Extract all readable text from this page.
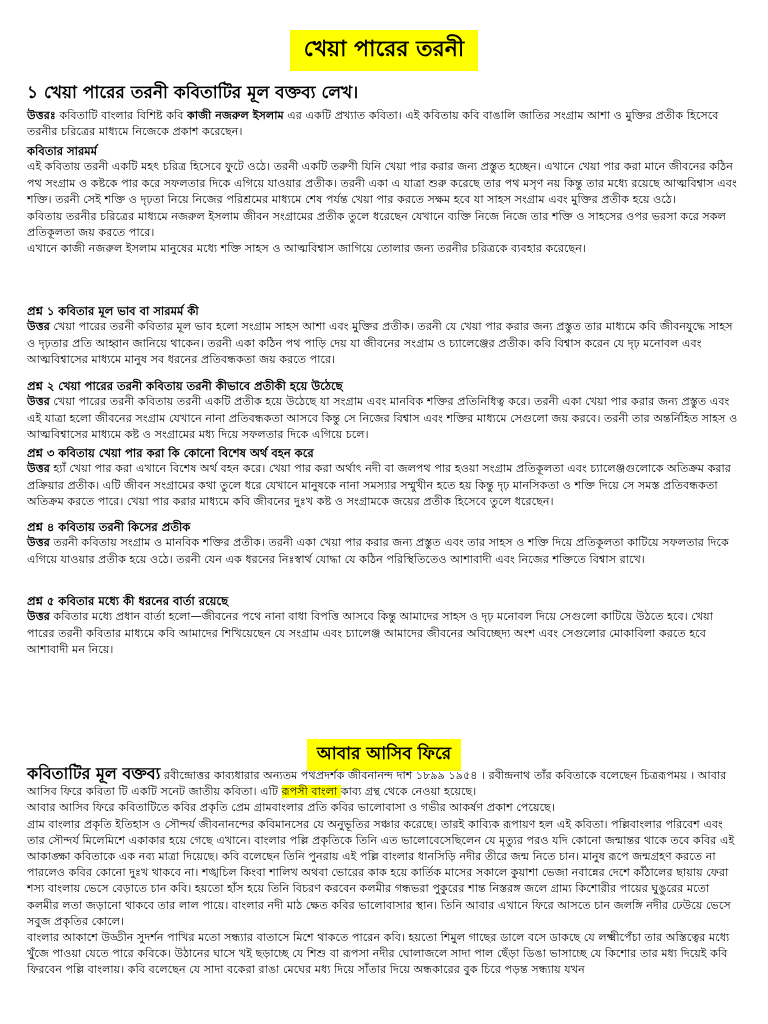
খেয়া পারের তরনী
১ খেয়া পারের তরনী কবিতাটির মূল বক্তব্য লেখ।

উত্তরঃ কবিতাটি বাংলার বিশিষ্ট কবি কাজী নজরুল ইসলাম এর একটি প্রখ্যাত কবিতা। এই কবিতায় কবি বাঙালি জাতির সংগ্রাম আশা ও মুক্তির প্রতীক হিসেবে তরনীর চরিত্রের মাধ্যমে নিজেকে প্রকাশ করেছেন।

কবিতার সারমর্ম

এই কবিতায় তরনী একটি মহৎ চরিত্র হিসেবে ফুটে ওঠে। তরনী একটি তরুণী যিনি খেয়া পার করার জন্য প্রস্তুত হচ্ছেন। এখানে খেয়া পার করা মানে জীবনের কঠিন পথ সংগ্রাম ও কষ্টকে পার করে সফলতার দিকে এগিয়ে যাওয়ার প্রতীক। তরনী একা এ যাত্রা শুরু করেছে তার পথ মসৃণ নয় কিন্তু তার মধ্যে রয়েছে আত্মবিশ্বাস এবং শক্তি। তরনী সেই শক্তি ও দৃঢ়তা নিয়ে নিজের পরিশ্রমের মাধ্যমে শেষ পর্যন্ত খেয়া পার করতে সক্ষম হবে যা সাহস সংগ্রাম এবং মুক্তির প্রতীক হয়ে ওঠে।

কবিতায় তরনীর চরিত্রের মাধ্যমে নজরুল ইসলাম জীবন সংগ্রামের প্রতীক তুলে ধরেছেন যেখানে ব্যক্তি নিজে নিজে তার শক্তি ও সাহসের ওপর ভরসা করে সকল প্রতিকূলতা জয় করতে পারে।

এখানে কাজী নজরুল ইসলাম মানুষের মধ্যে শক্তি সাহস ও আত্মবিশ্বাস জাগিয়ে তোলার জন্য তরনীর চরিত্রকে ব্যবহার করেছেন।

প্রশ্ন ১ কবিতার মূল ভাব বা সারমর্ম কী

উত্তর খেয়া পারের তরনী কবিতার মূল ভাব হলো সংগ্রাম সাহস আশা এবং মুক্তির প্রতীক। তরনী যে খেয়া পার করার জন্য প্রস্তুত তার মাধ্যমে কবি জীবনযুদ্ধে সাহস ও দৃঢ়তার প্রতি আহ্বান জানিয়ে থাকেন। তরনী একা কঠিন পথ পাড়ি দেয় যা জীবনের সংগ্রাম ও চ্যালেঞ্জের প্রতীক। কবি বিশ্বাস করেন যে দৃঢ় মনোবল এবং আত্মবিশ্বাসের মাধ্যমে মানুষ সব ধরনের প্রতিবন্ধকতা জয় করতে পারে।

প্রশ্ন ২ খেয়া পারের তরনী কবিতায় তরনী কীভাবে প্রতীকী হয়ে উঠেছে

উত্তর খেয়া পারের তরনী কবিতায় তরনী একটি প্রতীক হয়ে উঠেছে যা সংগ্রাম এবং মানবিক শক্তির প্রতিনিধিত্ব করে। তরনী একা খেয়া পার করার জন্য প্রস্তুত এবং এই যাত্রা হলো জীবনের সংগ্রাম যেখানে নানা প্রতিবন্ধকতা আসবে কিন্তু সে নিজের বিশ্বাস এবং শক্তির মাধ্যমে সেগুলো জয় করবে। তরনী তার অন্তর্নিহিত সাহস ও আত্মবিশ্বাসের মাধ্যমে কষ্ট ও সংগ্রামের মধ্য দিয়ে সফলতার দিকে এগিয়ে চলে।

প্রশ্ন ৩ কবিতায় খেয়া পার করা কি কোনো বিশেষ অর্থ বহন করে

উত্তর হ্যাঁ খেয়া পার করা এখানে বিশেষ অর্থ বহন করে। খেয়া পার করা অর্থাৎ নদী বা জলপথ পার হওয়া সংগ্রাম প্রতিকূলতা এবং চ্যালেঞ্জগুলোকে অতিক্রম করার প্রক্রিয়ার প্রতীক। এটি জীবন সংগ্রামের কথা তুলে ধরে যেখানে মানুষকে নানা সমস্যার সম্মুখীন হতে হয় কিন্তু দৃঢ় মানসিকতা ও শক্তি দিয়ে সে সমস্ত প্রতিবন্ধকতা অতিক্রম করতে পারে। খেয়া পার করার মাধ্যমে কবি জীবনের দুঃখ কষ্ট ও সংগ্রামকে জয়ের প্রতীক হিসেবে তুলে ধরেছেন।

প্রশ্ন ৪ কবিতায় তরনী কিসের প্রতীক

উত্তর তরনী কবিতায় সংগ্রাম ও মানবিক শক্তির প্রতীক। তরনী একা খেয়া পার করার জন্য প্রস্তুত এবং তার সাহস ও শক্তি দিয়ে প্রতিকূলতা কাটিয়ে সফলতার দিকে এগিয়ে যাওয়ার প্রতীক হয়ে ওঠে। তরনী যেন এক ধরনের নিঃস্বার্থ যোদ্ধা যে কঠিন পরিস্থিতিতেও আশাবাদী এবং নিজের শক্তিতে বিশ্বাস রাখে।

প্রশ্ন ৫ কবিতার মধ্যে কী ধরনের বার্তা রয়েছে

উত্তর কবিতার মধ্যে প্রধান বার্তা হলো—জীবনের পথে নানা বাধা বিপত্তি আসবে কিন্তু আমাদের সাহস ও দৃঢ় মনোবল দিয়ে সেগুলো কাটিয়ে উঠতে হবে। খেয়া পারের তরনী কবিতার মাধ্যমে কবি আমাদের শিখিয়েছেন যে সংগ্রাম এবং চ্যালেঞ্জ আমাদের জীবনের অবিচ্ছেদ্য অংশ এবং সেগুলোর মোকাবিলা করতে হবে আশাবাদী মন নিয়ে।

আবার আসিব ফিরে

কবিতাটির মূল বক্তব্য রবীন্দ্রোত্তর কাব্যধারার অন্যতম পথপ্রদর্শক জীবনানন্দ দাশ ১৮৯৯ ১৯৫৪ । রবীন্দ্রনাথ তাঁর কবিতাকে বলেছেন চিত্ররূপময় । আবার আসিব ফিরে কবিতা টি একটি সনেট জাতীয় কবিতা। এটি রূপসী বাংলা কাব্য গ্রন্থ থেকে নেওয়া হয়েছে।

আবার আসিব ফিরে কবিতাটিতে কবির প্রকৃতি প্রেম গ্রামবাংলার প্রতি কবির ভালোবাসা ও গভীর আকর্ষণ প্রকাশ পেয়েছে।

গ্রাম বাংলার প্রকৃতি ইতিহাস ও সৌন্দর্য জীবনানন্দের কবিমানসের যে অনুভূতির সঞ্চার করেছে। তারই কাব্যিক রূপায়ণ হল এই কবিতা। পল্লিবাংলার পরিবেশ এবং তার সৌন্দর্য মিলেমিশে একাকার হয়ে গেছে এখানে। বাংলার পল্লি প্রকৃতিকে তিনি এত ভালোবেসেছিলেন যে মৃত্যুর পরও যদি কোনো জন্মান্তর থাকে তবে কবির এই আকাঙ্ক্ষা কবিতাকে এক নব্য মাত্রা দিয়েছে। কবি বলেছেন তিনি পুনরায় এই পল্লি বাংলার ধানসিড়ি নদীর তীরে জন্ম নিতে চান। মানুষ রূপে জন্মগ্রহণ করতে না পারলেও কবির কোনো দুঃখ থাকবে না। শঙ্খচিল কিংবা শালিখ অথবা ভোরের কাক হয়ে কার্তিক মাসের সকালে কুয়াশা ভেজা নবান্নের দেশে কাঁঠালের ছায়ায় ফেরা শস্য বাংলায় ভেসে বেড়াতে চান কবি। হয়তো হাঁস হয়ে তিনি বিচরণ করবেন কলমীর গন্ধভরা পুকুরের শান্ত নিস্তরঙ্গ জলে গ্রাম্য কিশোরীর পায়ের ঘুঙুরের মতো কলমীর লতা জড়ানো থাকবে তার লাল পায়ে। বাংলার নদী মাঠ ক্ষেত কবির ভালোবাসার স্থান। তিনি আবার এখানে ফিরে আসতে চান জলঙ্গি নদীর ঢেউয়ে ভেসে সবুজ প্রকৃতির কোলে।

বাংলার আকাশে উড্ডীন সুদর্শন পাখির মতো সন্ধ্যার বাতাসে মিশে থাকতে পারেন কবি। হয়তো শিমুল গাছের ডালে বসে ডাকছে যে লক্ষ্মীপেঁচা তার অস্তিত্বের মধ্যে খুঁজে পাওয়া যেতে পারে কবিকে। উঠানের ঘাসে খই ছড়াচ্ছে যে শিশু বা রূপসা নদীর ঘোলাজলে সাদা পাল ছেঁড়া ডিঙা ভাসাচ্ছে যে কিশোর তার মধ্য দিয়েই কবি ফিরবেন পল্লি বাংলায়। কবি বলেছেন যে সাদা বকেরা রাঙা মেঘের মধ্য দিয়ে সাঁতার দিয়ে অন্ধকারের বুক চিরে পড়ন্ত সন্ধ্যায় যখন
